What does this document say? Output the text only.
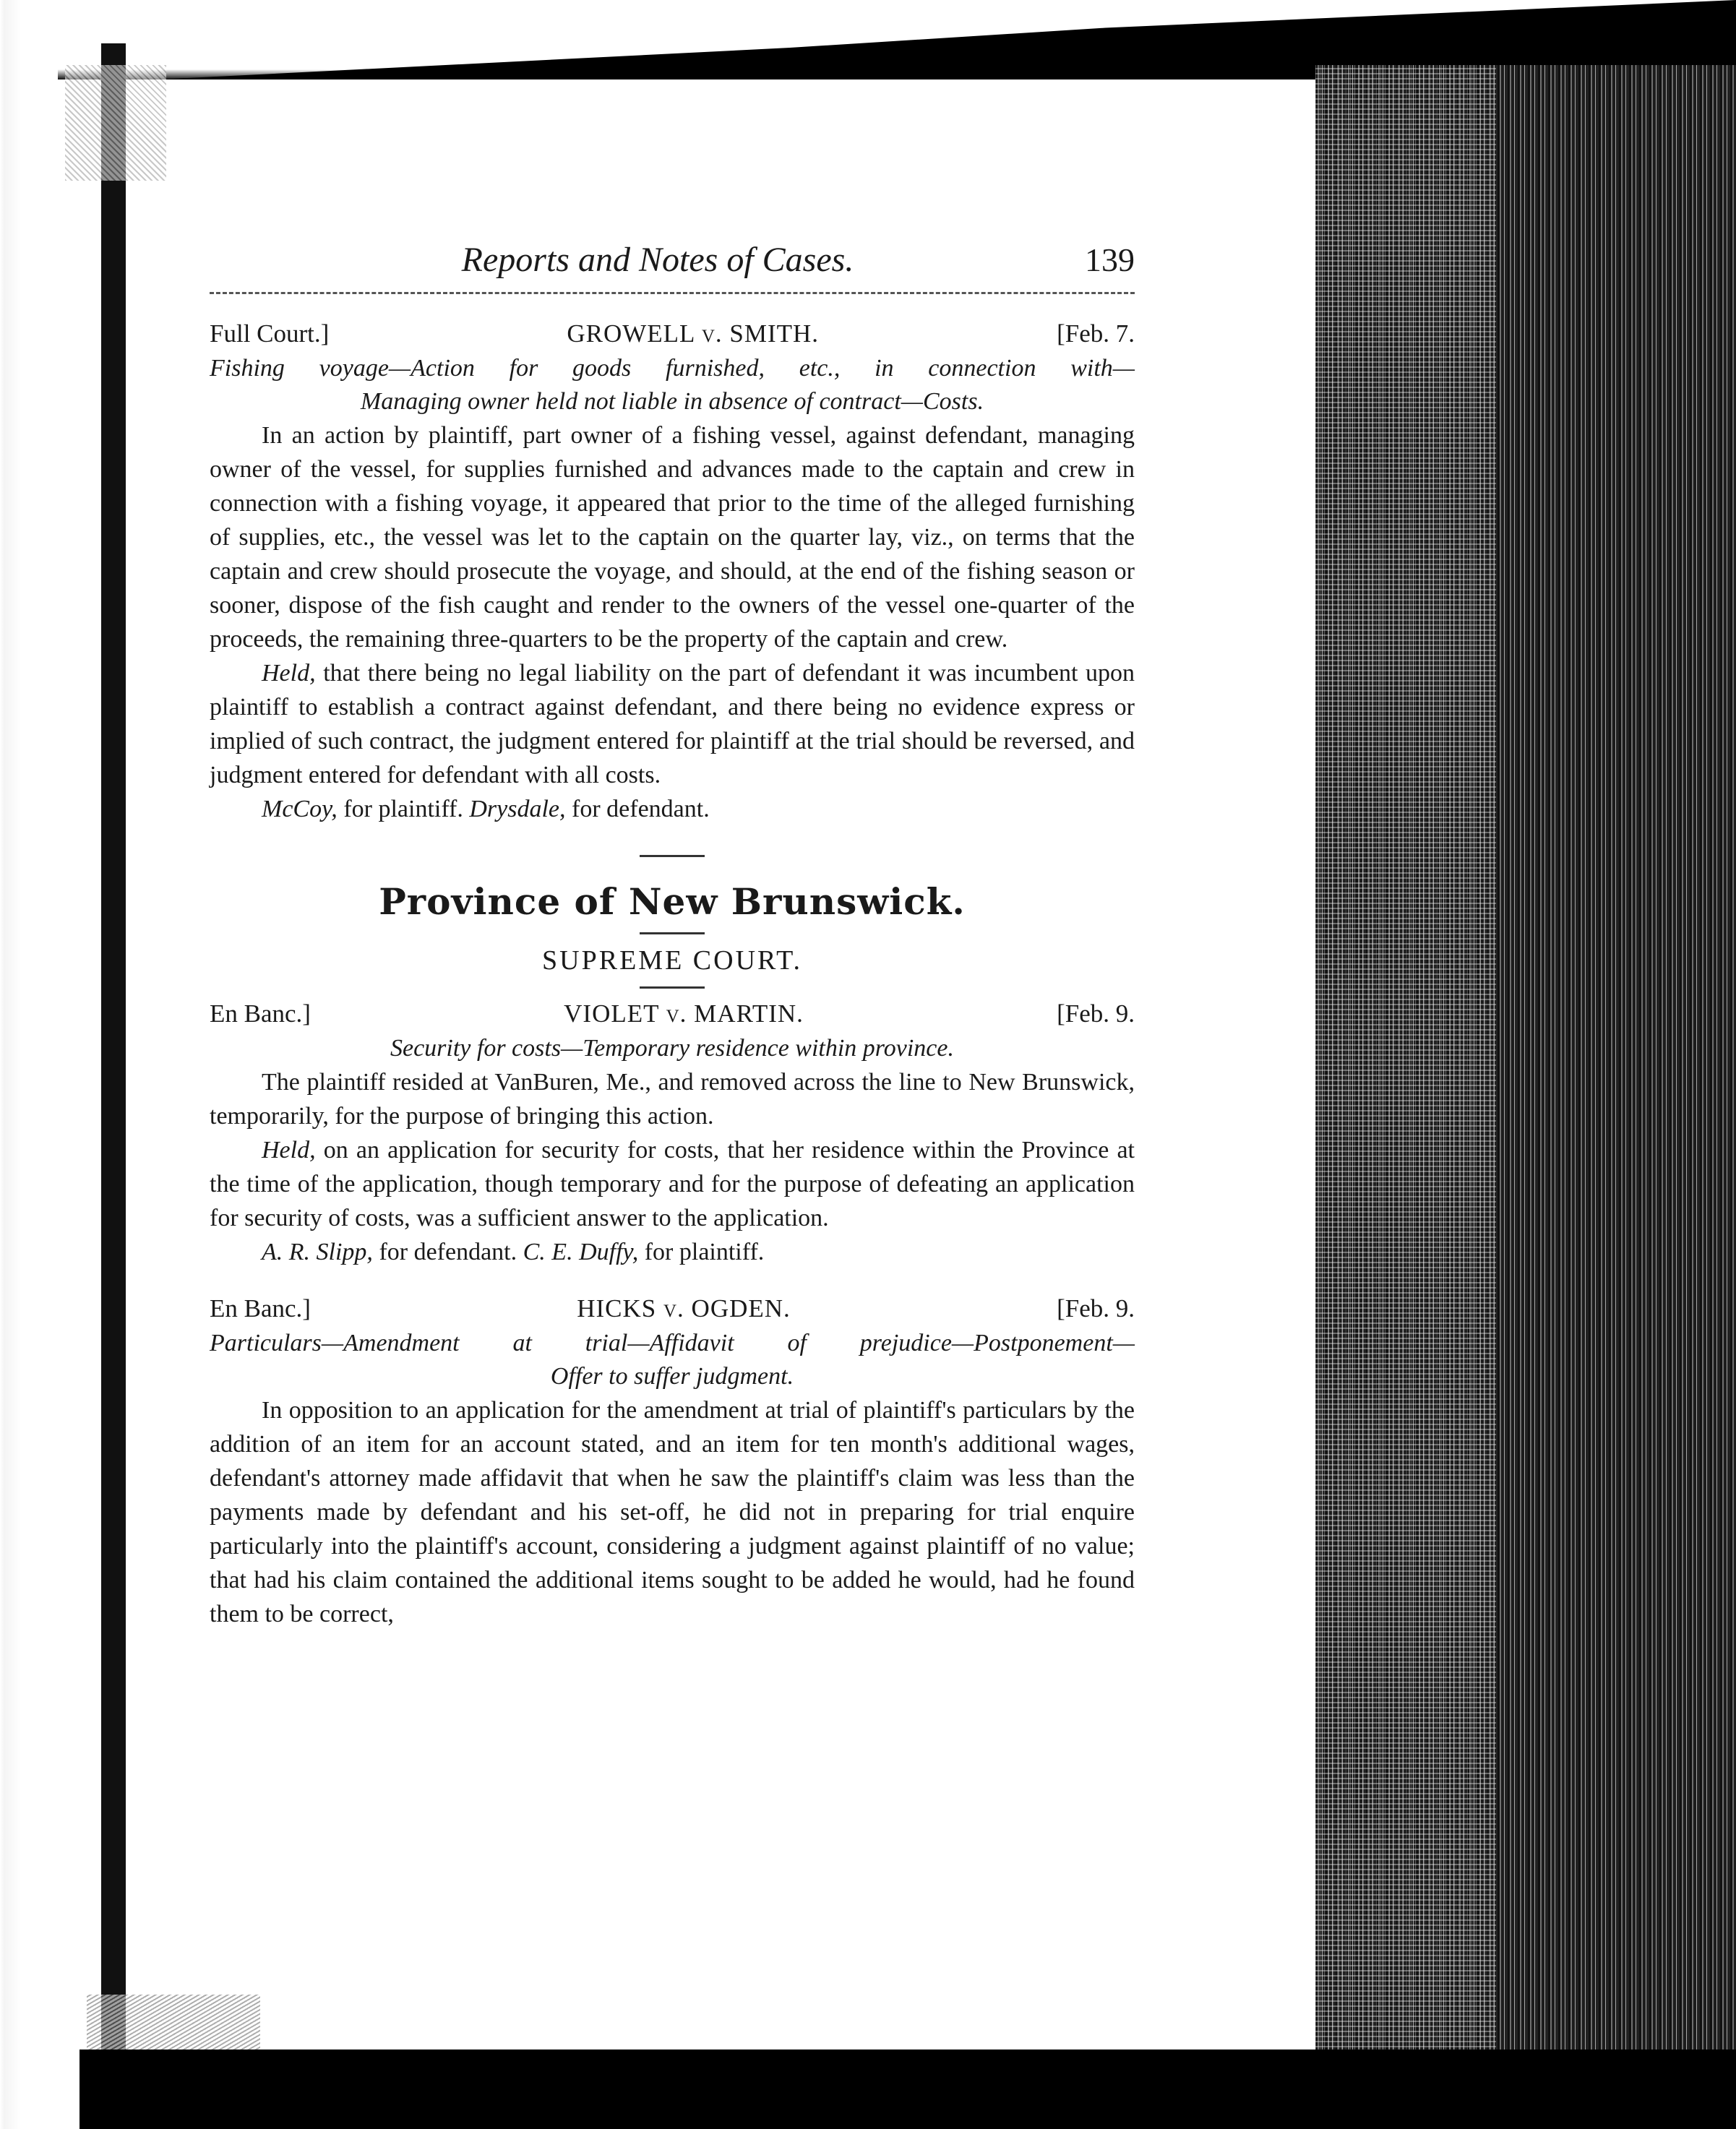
Reports and Notes of Cases.	139
Full Court.]	GROWELL v. SMITH.	[Feb. 7.
Fishing voyage—Action for goods furnished, etc., in connection with—
Managing owner held not liable in absence of contract—Costs.

In an action by plaintiff, part owner of a fishing vessel, against defendant, managing owner of the vessel, for supplies furnished and advances made to the captain and crew in connection with a fishing voyage, it appeared that prior to the time of the alleged furnishing of supplies, etc., the vessel was let to the captain on the quarter lay, viz., on terms that the captain and crew should prosecute the voyage, and should, at the end of the fishing season or sooner, dispose of the fish caught and render to the owners of the vessel one-quarter of the proceeds, the remaining three-quarters to be the property of the captain and crew.

Held, that there being no legal liability on the part of defendant it was incumbent upon plaintiff to establish a contract against defendant, and there being no evidence express or implied of such contract, the judgment entered for plaintiff at the trial should be reversed, and judgment entered for defendant with all costs.

McCoy, for plaintiff. Drysdale, for defendant.

Province of New Brunswick.
SUPREME COURT.
En Banc.]	VIOLET v. MARTIN.	[Feb. 9.
Security for costs—Temporary residence within province.

The plaintiff resided at VanBuren, Me., and removed across the line to New Brunswick, temporarily, for the purpose of bringing this action.

Held, on an application for security for costs, that her residence within the Province at the time of the application, though temporary and for the purpose of defeating an application for security of costs, was a sufficient answer to the application.

A. R. Slipp, for defendant. C. E. Duffy, for plaintiff.

En Banc.]	HICKS v. OGDEN.	[Feb. 9.
Particulars—Amendment at trial—Affidavit of prejudice—Postponement—
Offer to suffer judgment.

In opposition to an application for the amendment at trial of plaintiff's particulars by the addition of an item for an account stated, and an item for ten month's additional wages, defendant's attorney made affidavit that when he saw the plaintiff's claim was less than the payments made by defendant and his set-off, he did not in preparing for trial enquire particularly into the plaintiff's account, considering a judgment against plaintiff of no value; that had his claim contained the additional items sought to be added he would, had he found them to be correct,
